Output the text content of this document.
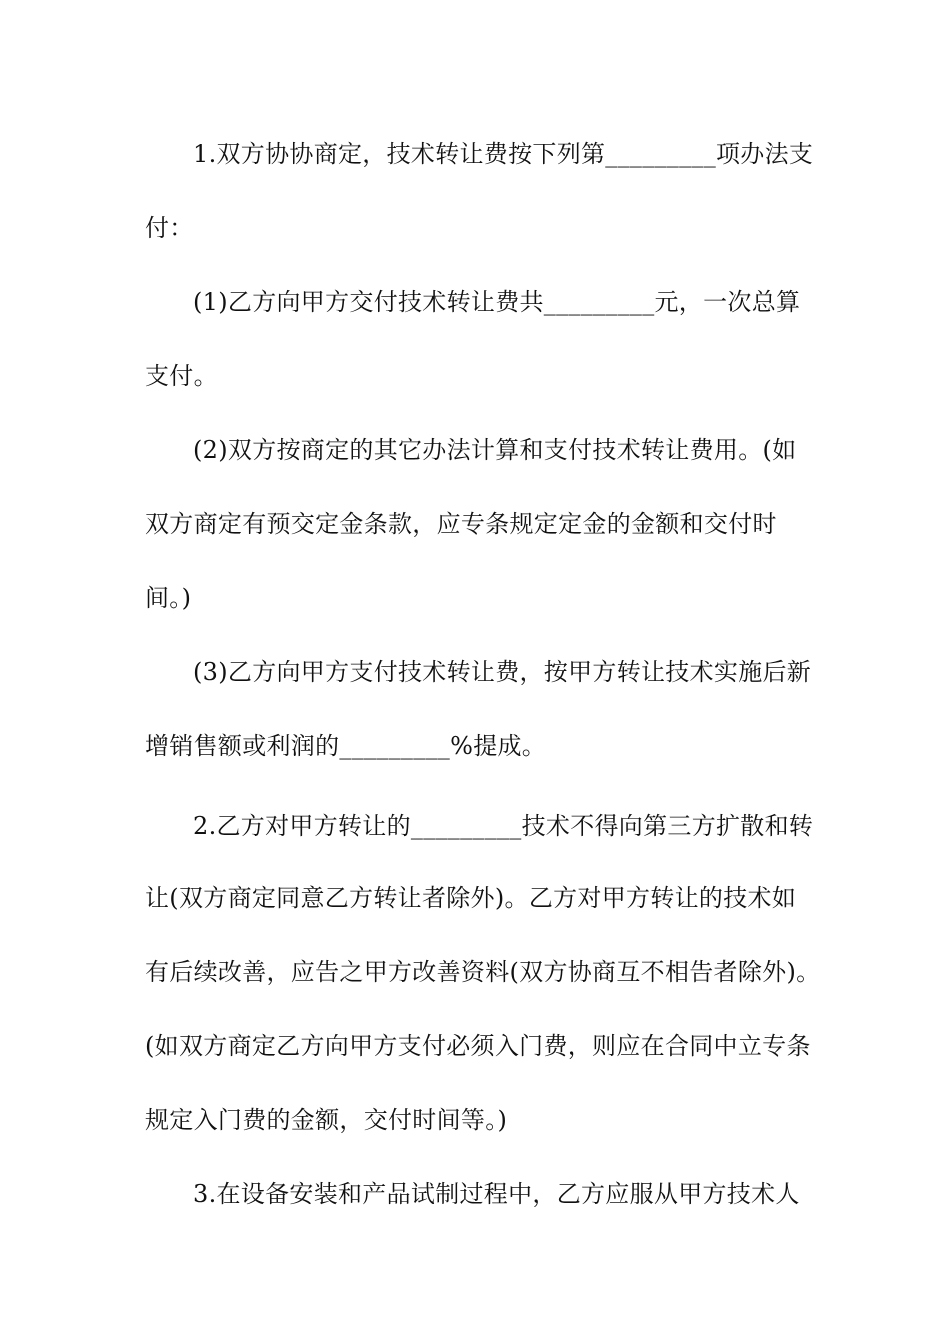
1.双方协协商定，技术转让费按下列第_________项办法支
付：
(1)乙方向甲方交付技术转让费共_________元，一次总算
支付。
(2)双方按商定的其它办法计算和支付技术转让费用。(如
双方商定有预交定金条款，应专条规定定金的金额和交付时
间。)
(3)乙方向甲方支付技术转让费，按甲方转让技术实施后新
增销售额或利润的_________%提成。
2.乙方对甲方转让的_________技术不得向第三方扩散和转
让(双方商定同意乙方转让者除外)。乙方对甲方转让的技术如
有后续改善，应告之甲方改善资料(双方协商互不相告者除外)。
(如双方商定乙方向甲方支付必须入门费，则应在合同中立专条
规定入门费的金额，交付时间等。)
3.在设备安装和产品试制过程中，乙方应服从甲方技术人
